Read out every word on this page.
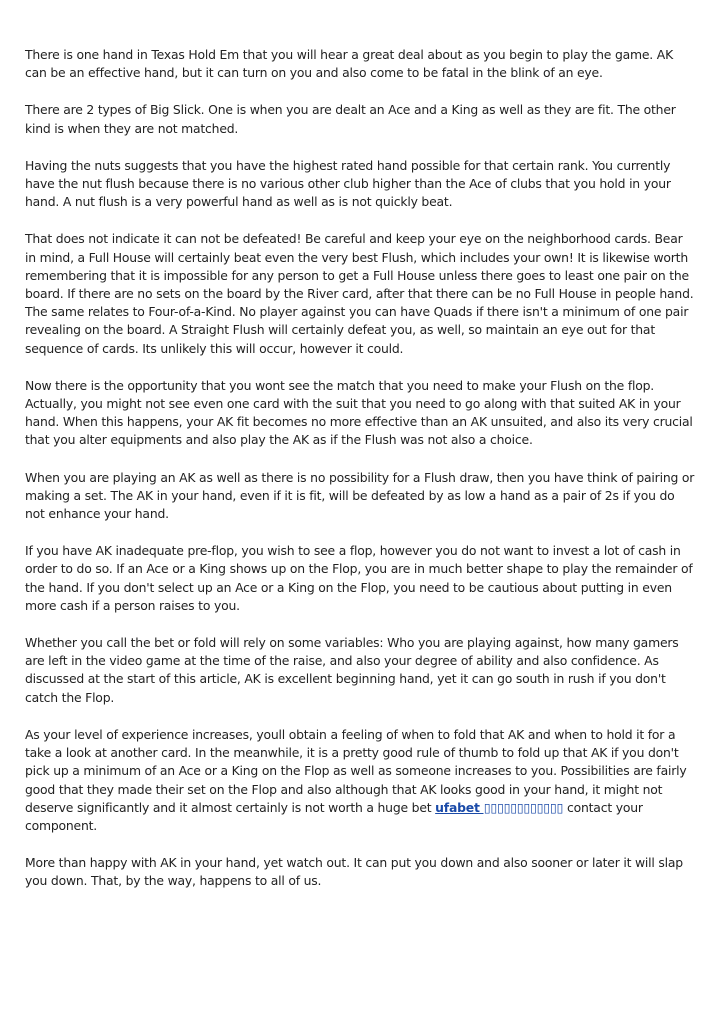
There is one hand in Texas Hold Em that you will hear a great deal about as you begin to play the game. AK can be an effective hand, but it can turn on you and also come to be fatal in the blink of an eye.

There are 2 types of Big Slick. One is when you are dealt an Ace and a King as well as they are fit. The other kind is when they are not matched.

Having the nuts suggests that you have the highest rated hand possible for that certain rank. You currently have the nut flush because there is no various other club higher than the Ace of clubs that you hold in your hand. A nut flush is a very powerful hand as well as is not quickly beat.

That does not indicate it can not be defeated! Be careful and keep your eye on the neighborhood cards. Bear in mind, a Full House will certainly beat even the very best Flush, which includes your own! It is likewise worth remembering that it is impossible for any person to get a Full House unless there goes to least one pair on the board. If there are no sets on the board by the River card, after that there can be no Full House in people hand. The same relates to Four-of-a-Kind. No player against you can have Quads if there isn't a minimum of one pair revealing on the board. A Straight Flush will certainly defeat you, as well, so maintain an eye out for that sequence of cards. Its unlikely this will occur, however it could.

Now there is the opportunity that you wont see the match that you need to make your Flush on the flop. Actually, you might not see even one card with the suit that you need to go along with that suited AK in your hand. When this happens, your AK fit becomes no more effective than an AK unsuited, and also its very crucial that you alter equipments and also play the AK as if the Flush was not also a choice.

When you are playing an AK as well as there is no possibility for a Flush draw, then you have think of pairing or making a set. The AK in your hand, even if it is fit, will be defeated by as low a hand as a pair of 2s if you do not enhance your hand.

If you have AK inadequate pre-flop, you wish to see a flop, however you do not want to invest a lot of cash in order to do so. If an Ace or a King shows up on the Flop, you are in much better shape to play the remainder of the hand. If you don't select up an Ace or a King on the Flop, you need to be cautious about putting in even more cash if a person raises to you.

Whether you call the bet or fold will rely on some variables: Who you are playing against, how many gamers are left in the video game at the time of the raise, and also your degree of ability and also confidence. As discussed at the start of this article, AK is excellent beginning hand, yet it can go south in rush if you don't catch the Flop.

As your level of experience increases, youll obtain a feeling of when to fold that AK and when to hold it for a take a look at another card. In the meanwhile, it is a pretty good rule of thumb to fold up that AK if you don't pick up a minimum of an Ace or a King on the Flop as well as someone increases to you. Possibilities are fairly good that they made their set on the Flop and also although that AK looks good in your hand, it might not deserve significantly and it almost certainly is not worth a huge bet ufabet ▯▯▯▯▯▯▯▯▯▯▯▯ contact your component.

More than happy with AK in your hand, yet watch out. It can put you down and also sooner or later it will slap you down. That, by the way, happens to all of us.
